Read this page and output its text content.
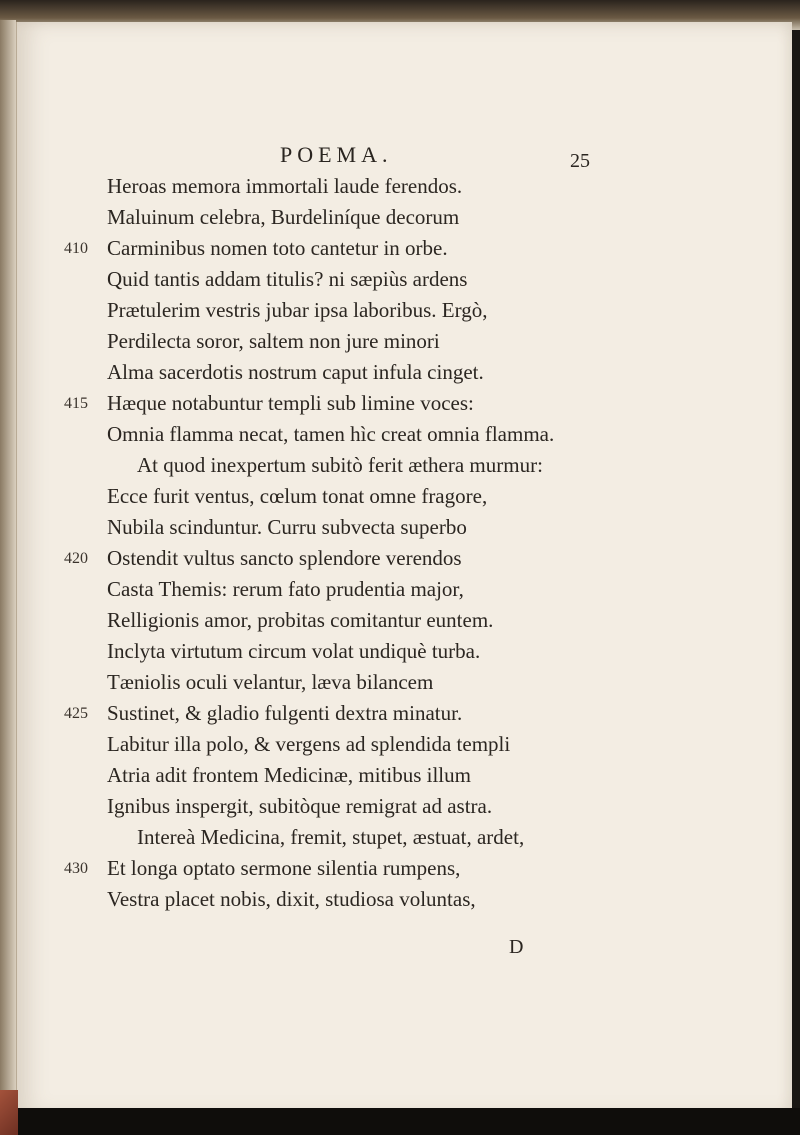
POEMA.	25
Heroas memora immortali laude ferendos.
Maluinum celebra, Burdeliníque decorum
410 Carminibus nomen toto cantetur in orbe.
Quid tantis addam titulis? ni sæpiùs ardens
Prætulerim vestris jubar ipsa laboribus. Ergò,
Perdilecta soror, saltem non jure minori
Alma sacerdotis nostrum caput infula cinget.
415 Hæque notabuntur templi sub limine voces:
Omnia flamma necat, tamen hìc creat omnia flamma.
At quod inexpertum subitò ferit æthera murmur:
Ecce furit ventus, cœlum tonat omne fragore,
Nubila scinduntur. Curru subvecta superbo
420 Ostendit vultus sancto splendore verendos
Casta Themis: rerum fato prudentia major,
Relligionis amor, probitas comitantur euntem.
Inclyta virtutum circum volat undiquè turba.
Tæniolis oculi velantur, læva bilancem
425 Sustinet, & gladio fulgenti dextra minatur.
Labitur illa polo, & vergens ad splendida templi
Atria adit frontem Medicinæ, mitibus illum
Ignibus inspergit, subitòque remigrat ad astra.
Intereà Medicina, fremit, stupet, æstuat, ardet,
430 Et longa optato sermone silentia rumpens,
Vestra placet nobis, dixit, studiosa voluntas,
D
